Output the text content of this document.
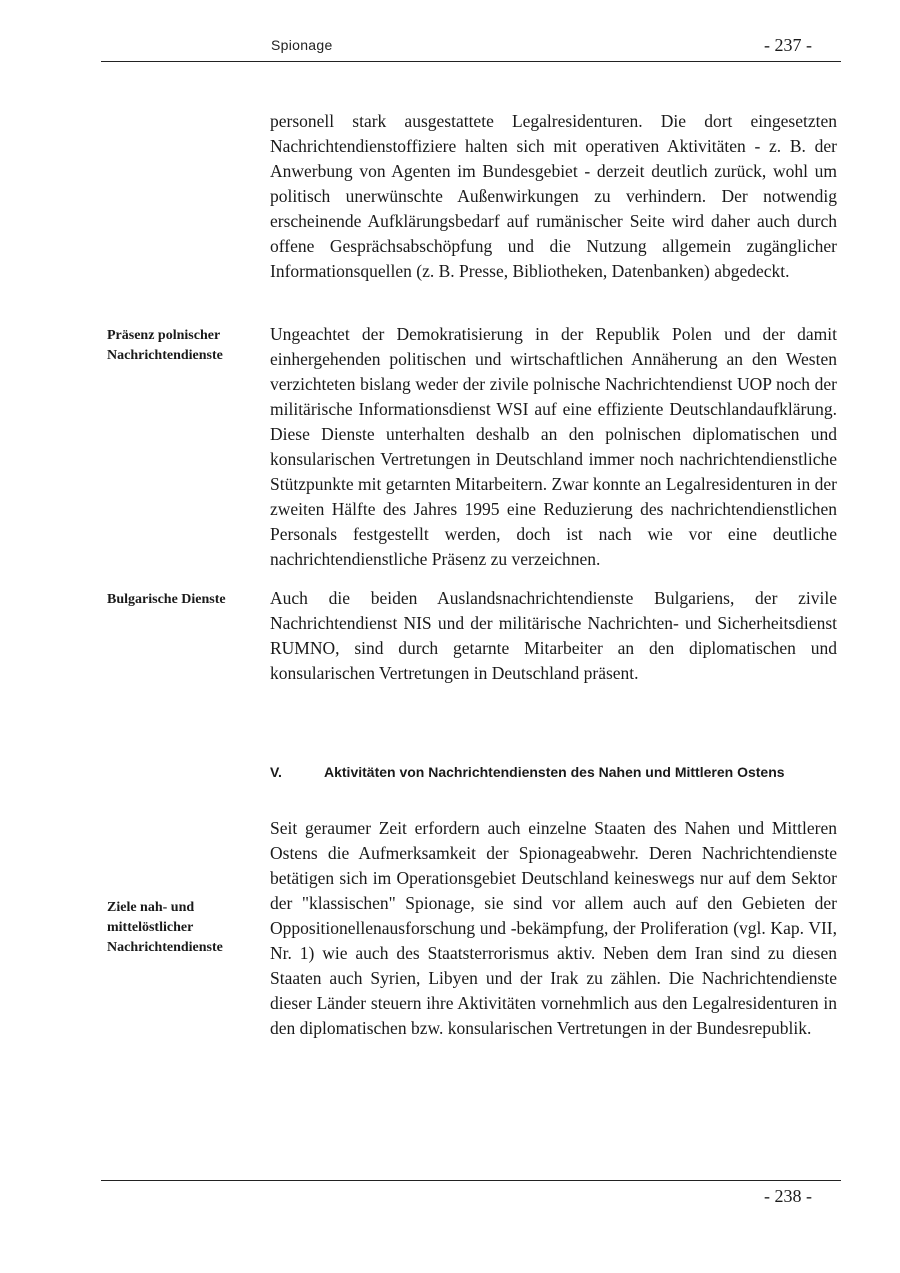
Spionage	- 237 -

personell stark ausgestattete Legalresidenturen. Die dort eingesetzten Nachrichtendienstoffiziere halten sich mit operativen Aktivitäten - z. B. der Anwerbung von Agenten im Bundesgebiet - derzeit deutlich zurück, wohl um politisch unerwünschte Außenwirkungen zu verhindern. Der notwendig erscheinende Aufklärungsbedarf auf rumänischer Seite wird daher auch durch offene Gesprächsabschöpfung und die Nutzung allgemein zugänglicher Informationsquellen (z. B. Presse, Bibliotheken, Datenbanken) abgedeckt.

Präsenz polnischer
Nachrichtendienste

Ungeachtet der Demokratisierung in der Republik Polen und der damit einhergehenden politischen und wirtschaftlichen Annäherung an den Westen verzichteten bislang weder der zivile polnische Nachrichtendienst UOP noch der militärische Informationsdienst WSI auf eine effiziente Deutschlandaufklärung. Diese Dienste unterhalten deshalb an den polnischen diplomatischen und konsularischen Vertretungen in Deutschland immer noch nachrichtendienstliche Stützpunkte mit getarnten Mitarbeitern. Zwar konnte an Legalresidenturen in der zweiten Hälfte des Jahres 1995 eine Reduzierung des nachrichtendienstlichen Personals festgestellt werden, doch ist nach wie vor eine deutliche nachrichtendienstliche Präsenz zu verzeichnen.

Bulgarische Dienste	Auch die beiden Auslandsnachrichtendienste Bulgariens, der zivile Nachrichtendienst NIS und der militärische Nachrichten- und Sicherheitsdienst RUMNO, sind durch getarnte Mitarbeiter an den diplomatischen und konsularischen Vertretungen in Deutschland präsent.

V.	Aktivitäten von Nachrichtendiensten des Nahen und Mittleren Ostens
Ziele nah- und
mittelöstlicher
Nachrichtendienste

Seit geraumer Zeit erfordern auch einzelne Staaten des Nahen und Mittleren Ostens die Aufmerksamkeit der Spionageabwehr. Deren Nachrichtendienste betätigen sich im Operationsgebiet Deutschland keineswegs nur auf dem Sektor der "klassischen" Spionage, sie sind vor allem auch auf den Gebieten der Oppositionellenausforschung und -bekämpfung, der Proliferation (vgl. Kap. VII, Nr. 1) wie auch des Staatsterrorismus aktiv. Neben dem Iran sind zu diesen Staaten auch Syrien, Libyen und der Irak zu zählen. Die Nachrichtendienste dieser Länder steuern ihre Aktivitäten vornehmlich aus den Legalresidenturen in den diplomatischen bzw. konsularischen Vertretungen in der Bundesrepublik.

- 238 -
